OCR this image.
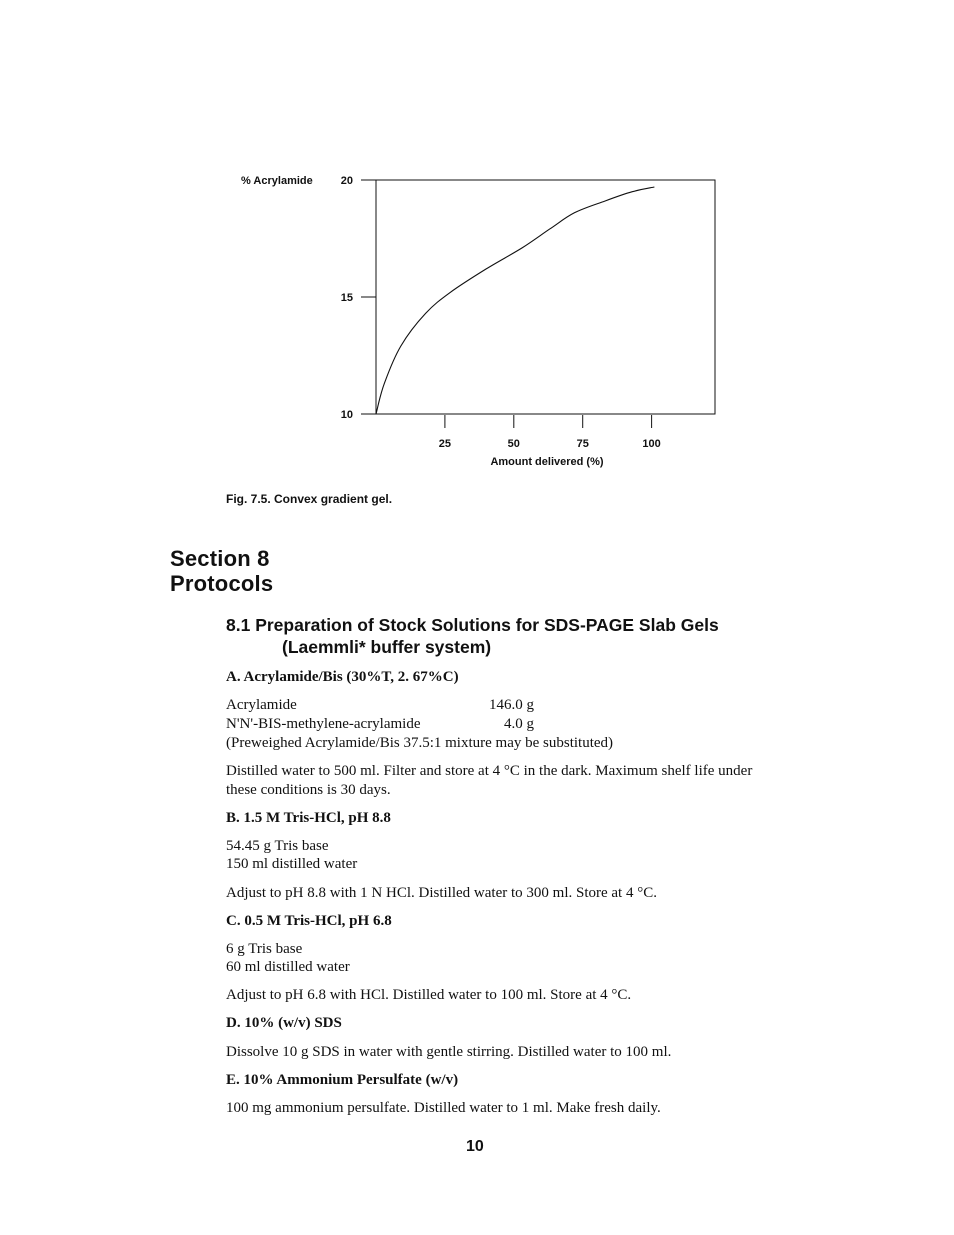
% Acrylamide
Amount delivered (%)
10
15
20
25	50	75	100
Fig. 7.5. Convex gradient gel.
Section 8
Protocols
8.1 Preparation of Stock Solutions for SDS-PAGE Slab Gels
(Laemmli* buffer system)
A. Acrylamide/Bis (30%T, 2. 67%C)
Acrylamide	146.0 g
N'N'-BIS-methylene-acrylamide	4.0 g
(Preweighed Acrylamide/Bis 37.5:1 mixture may be substituted)
Distilled water to 500 ml. Filter and store at 4 °C in the dark. Maximum shelf life under
these conditions is 30 days.
B. 1.5 M Tris-HCl, pH 8.8
54.45 g Tris base
150 ml distilled water
Adjust to pH 8.8 with 1 N HCl. Distilled water to 300 ml. Store at 4 °C.
C. 0.5 M Tris-HCl, pH 6.8
6 g Tris base
60 ml distilled water
Adjust to pH 6.8 with HCl. Distilled water to 100 ml. Store at 4 °C.
D. 10% (w/v) SDS
Dissolve 10 g SDS in water with gentle stirring. Distilled water to 100 ml.
E. 10% Ammonium Persulfate (w/v)
100 mg ammonium persulfate. Distilled water to 1 ml. Make fresh daily.
10
